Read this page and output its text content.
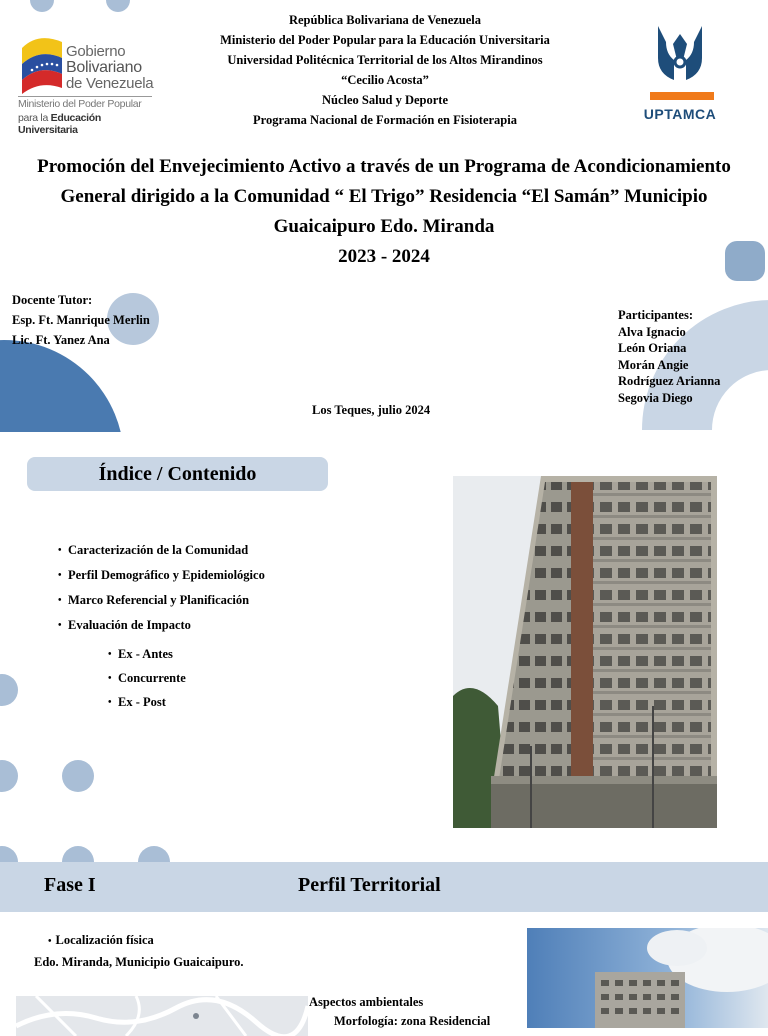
Gobierno
Bolivariano
de Venezuela
Ministerio del Poder Popular
para la Educación Universitaria
República Bolivariana de Venezuela
Ministerio del Poder Popular para la Educación Universitaria
Universidad Politécnica Territorial de los Altos Mirandinos
“Cecilio Acosta”
Núcleo Salud y Deporte
Programa Nacional de Formación en Fisioterapia	UPTAMCA
Promoción del Envejecimiento Activo a través de un Programa de Acondicionamiento
General dirigido a la Comunidad “ El Trigo” Residencia “El Samán” Municipio
Guaicaipuro Edo. Miranda
2023 - 2024
Docente Tutor:
Esp. Ft. Manrique Merlin
Lic. Ft. Yanez Ana
Participantes:
Alva Ignacio
León Oriana
Morán Angie
Rodríguez Arianna
Segovia Diego
Los Teques, julio 2024
Índice / Contenido
• Caracterización de la Comunidad
• Perfil Demográfico y Epidemiológico
• Marco Referencial y Planificación
• Evaluación de Impacto
• Ex - Antes
• Concurrente
• Ex - Post
Fase I	Perfil Territorial
• Localización física
Edo. Miranda, Municipio Guaicaipuro.
Aspectos ambientales
Morfología: zona Residencial
